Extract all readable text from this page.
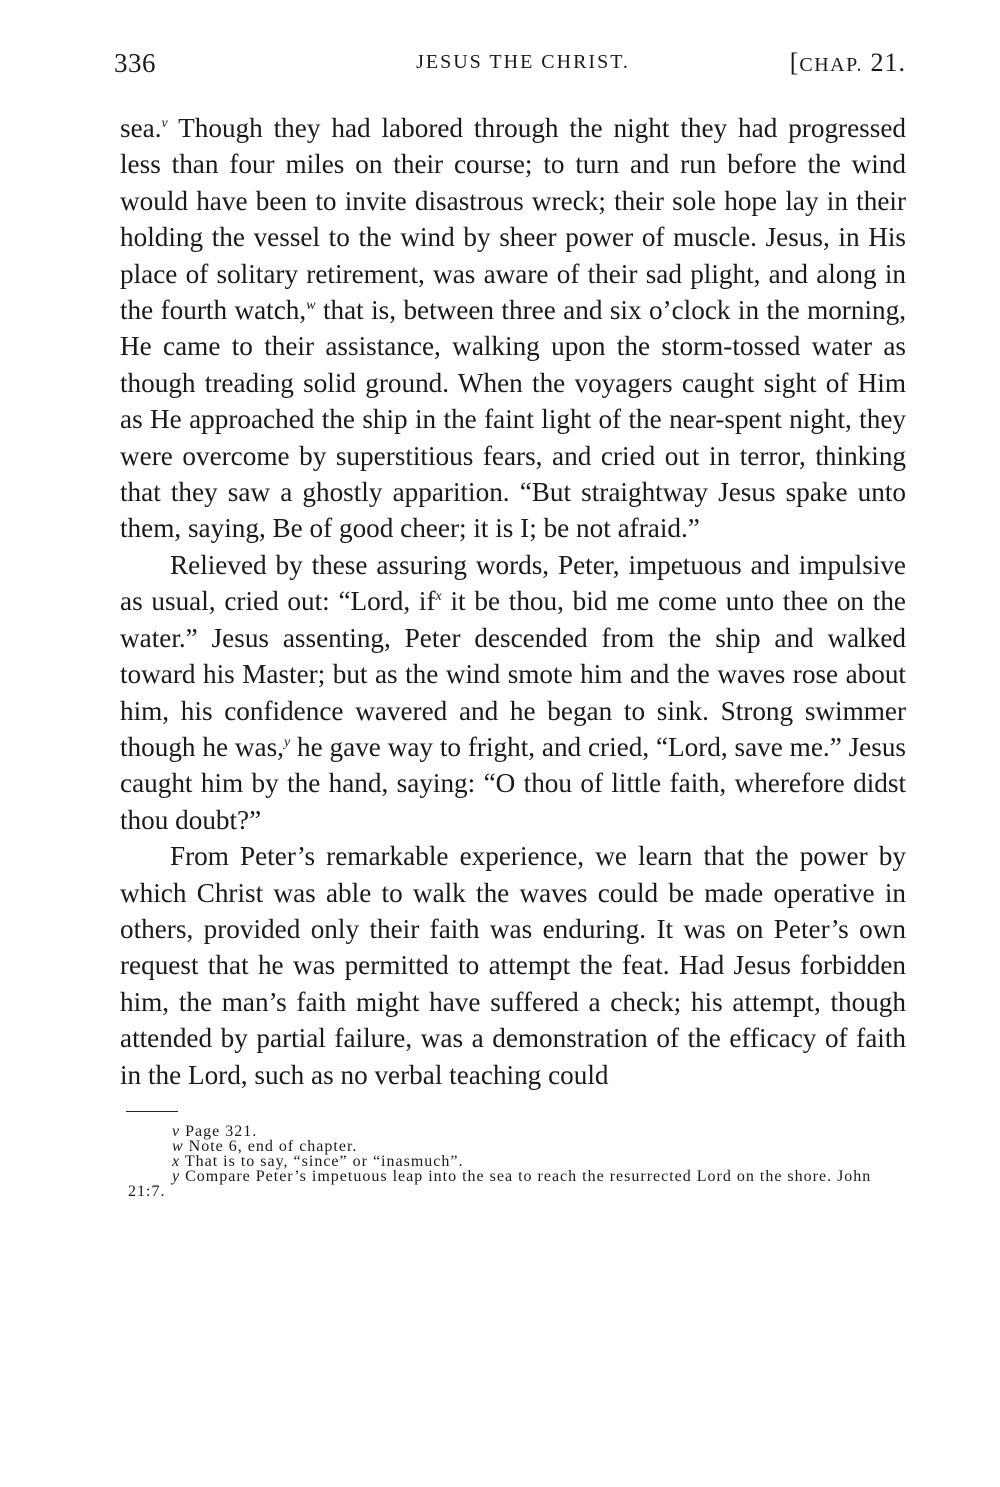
336	JESUS THE CHRIST.	[CHAP. 21.

sea.$^v$ Though they had labored through the night they had progressed less than four miles on their course; to turn and run before the wind would have been to invite disastrous wreck; their sole hope lay in their holding the vessel to the wind by sheer power of muscle. Jesus, in His place of solitary retirement, was aware of their sad plight, and along in the fourth watch,$^w$ that is, between three and six o’clock in the morning, He came to their assistance, walking upon the storm-tossed water as though treading solid ground. When the voyagers caught sight of Him as He approached the ship in the faint light of the near-spent night, they were overcome by superstitious fears, and cried out in terror, thinking that they saw a ghostly apparition. “But straightway Jesus spake unto them, saying, Be of good cheer; it is I; be not afraid.”

Relieved by these assuring words, Peter, impetuous and impulsive as usual, cried out: “Lord, $if^x$ it be thou, bid me come unto thee on the water.” Jesus assenting, Peter descended from the ship and walked toward his Master; but as the wind smote him and the waves rose about him, his confidence wavered and he began to sink. Strong swimmer though he was,$^y$ he gave way to fright, and cried, “Lord, save me.” Jesus caught him by the hand, saying: “O thou of little faith, wherefore didst thou doubt?”

From Peter’s remarkable experience, we learn that the power by which Christ was able to walk the waves could be made operative in others, provided only their faith was enduring. It was on Peter’s own request that he was permitted to attempt the feat. Had Jesus forbidden him, the man’s faith might have suffered a check; his attempt, though attended by partial failure, was a demonstration of the efficacy of faith in the Lord, such as no verbal teaching could

v Page 321.

w Note 6, end of chapter.

x That is to say, “since” or “inasmuch”.

y Compare Peter’s impetuous leap into the sea to reach the resurrected Lord on the shore. John 21:7.
